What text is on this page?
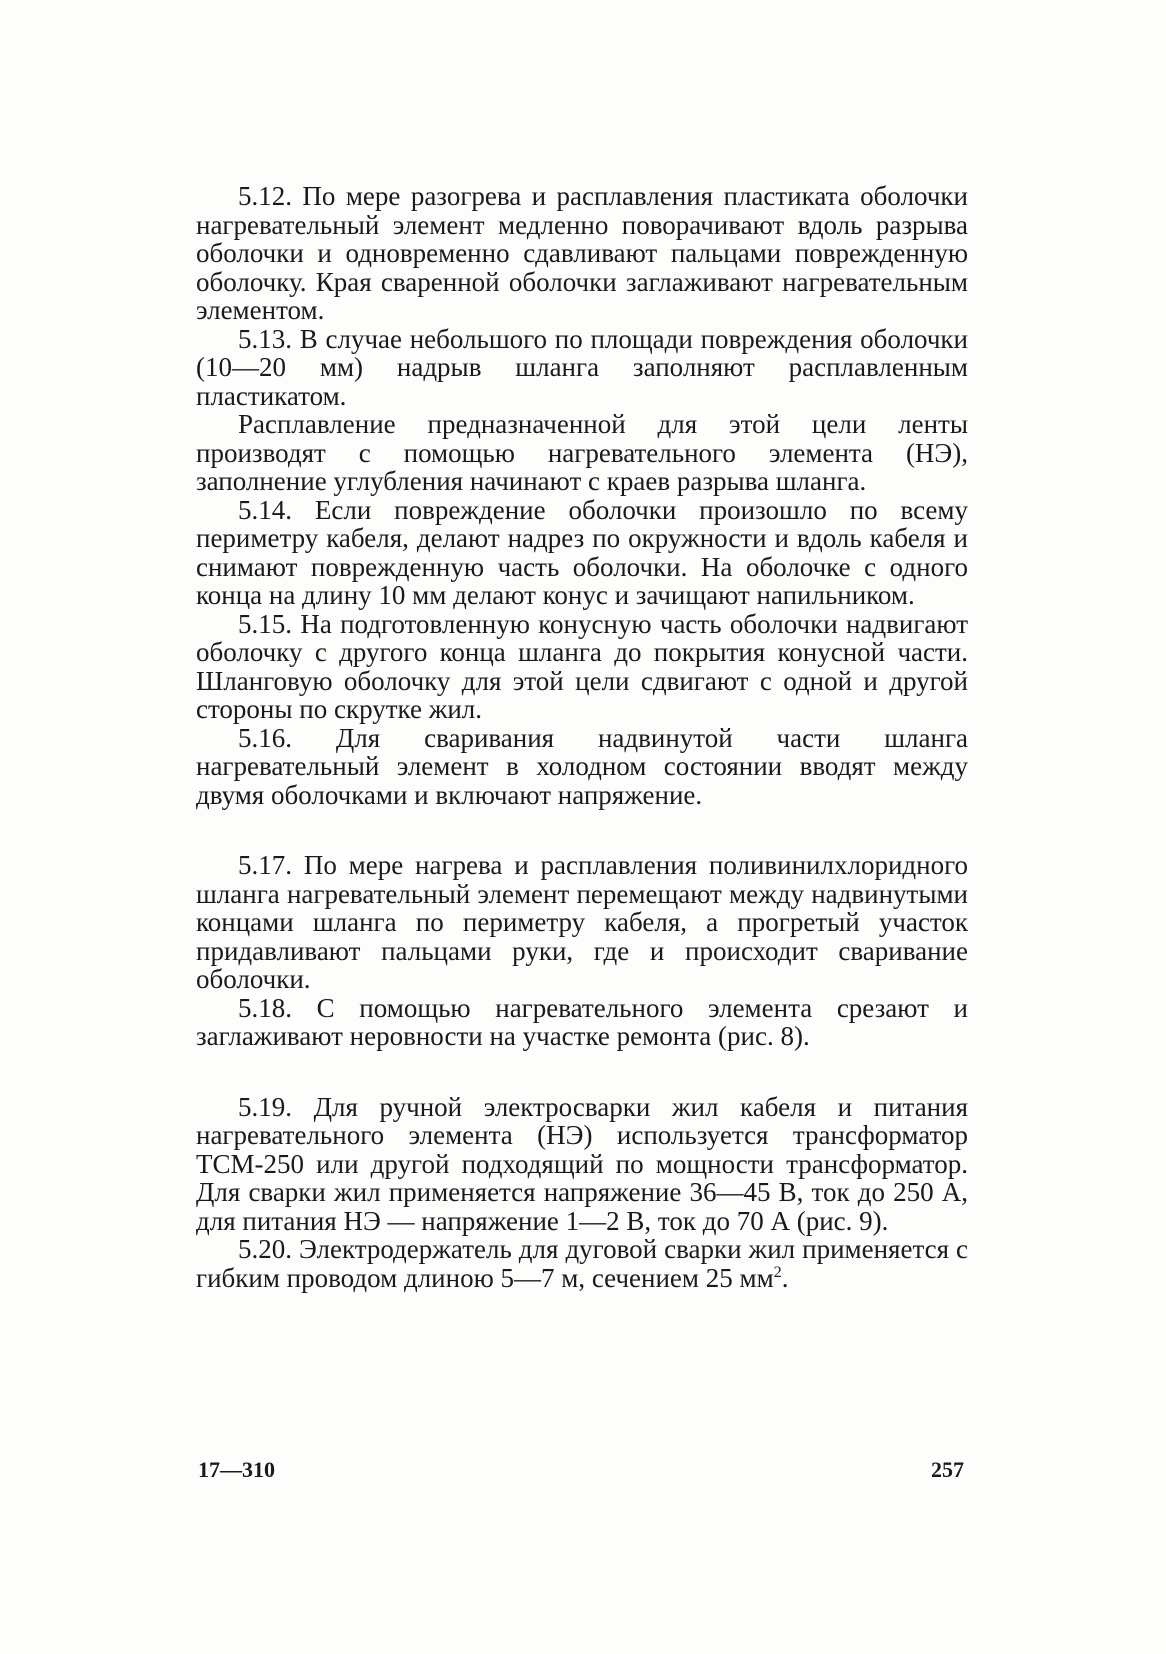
5.12. По мере разогрева и расплавления пластиката оболочки нагревательный элемент медленно поворачивают вдоль разрыва оболочки и одновременно сдавливают пальцами поврежденную оболочку. Края сваренной оболочки заглаживают нагревательным элементом.

5.13. В случае небольшого по площади повреждения оболочки (10—20 мм) надрыв шланга заполняют расплавленным пластикатом.

Расплавление предназначенной для этой цели ленты производят с помощью нагревательного элемента (НЭ), заполнение углубления начинают с краев разрыва шланга.

5.14. Если повреждение оболочки произошло по всему периметру кабеля, делают надрез по окружности и вдоль кабеля и снимают поврежденную часть оболочки. На оболочке с одного конца на длину 10 мм делают конус и зачищают напильником.

5.15. На подготовленную конусную часть оболочки надвигают оболочку с другого конца шланга до покрытия конусной части. Шланговую оболочку для этой цели сдвигают с одной и другой стороны по скрутке жил.

5.16. Для сваривания надвинутой части шланга нагревательный элемент в холодном состоянии вводят между двумя оболочками и включают напряжение.

5.17. По мере нагрева и расплавления поливинилхлоридного шланга нагревательный элемент перемещают между надвинутыми концами шланга по периметру кабеля, а прогретый участок придавливают пальцами руки, где и происходит сваривание оболочки.

5.18. С помощью нагревательного элемента срезают и заглаживают неровности на участке ремонта (рис. 8).

5.19. Для ручной электросварки жил кабеля и питания нагревательного элемента (НЭ) используется трансформатор ТСМ-250 или другой подходящий по мощности трансформатор. Для сварки жил применяется напряжение 36—45 В, ток до 250 А, для питания НЭ — напряжение 1—2 В, ток до 70 А (рис. 9).

5.20. Электродержатель для дуговой сварки жил применяется с гибким проводом длиною 5—7 м, сечением 25 $мм^2$.

17—310	257
